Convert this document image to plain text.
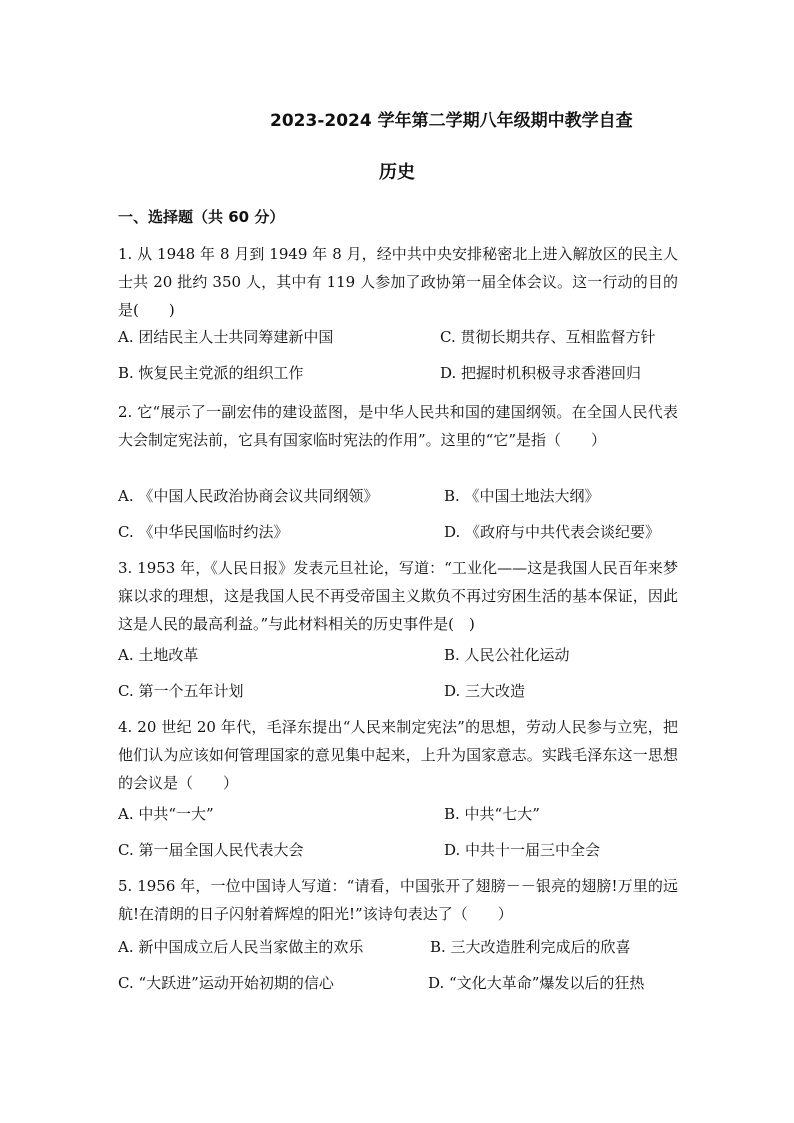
2023-2024 学年第二学期八年级期中教学自查
历史
一、选择题（共 60 分）
1. 从 1948 年 8 月到 1949 年 8 月，经中共中央安排秘密北上进入解放区的民主人士共 20 批约 350 人，其中有 119 人参加了政协第一届全体会议。这一行动的目的是(　　)
A. 团结民主人士共同筹建新中国	C. 贯彻长期共存、互相监督方针
B. 恢复民主党派的组织工作	D. 把握时机积极寻求香港回归
2. 它“展示了一副宏伟的建设蓝图，是中华人民共和国的建国纲领。在全国人民代表大会制定宪法前，它具有国家临时宪法的作用”。这里的“它”是指（　　）
A. 《中国人民政治协商会议共同纲领》	B. 《中国土地法大纲》
C. 《中华民国临时约法》	D. 《政府与中共代表会谈纪要》
3. 1953 年，《人民日报》发表元旦社论，写道：“工业化——这是我国人民百年来梦寐以求的理想，这是我国人民不再受帝国主义欺负不再过穷困生活的基本保证，因此这是人民的最高利益。”与此材料相关的历史事件是(　)
A. 土地改革	B. 人民公社化运动
C. 第一个五年计划	D. 三大改造
4. 20 世纪 20 年代，毛泽东提出“人民来制定宪法”的思想，劳动人民参与立宪，把他们认为应该如何管理国家的意见集中起来，上升为国家意志。实践毛泽东这一思想的会议是（　　）
A. 中共“一大”	B. 中共“七大”
C. 第一届全国人民代表大会	D. 中共十一届三中全会
5. 1956 年，一位中国诗人写道：“请看，中国张开了翅膀－－银亮的翅膀!万里的远航!在清朗的日子闪射着辉煌的阳光!”该诗句表达了（　　）
A. 新中国成立后人民当家做主的欢乐	B. 三大改造胜利完成后的欣喜
C. “大跃进”运动开始初期的信心	D. “文化大革命”爆发以后的狂热
